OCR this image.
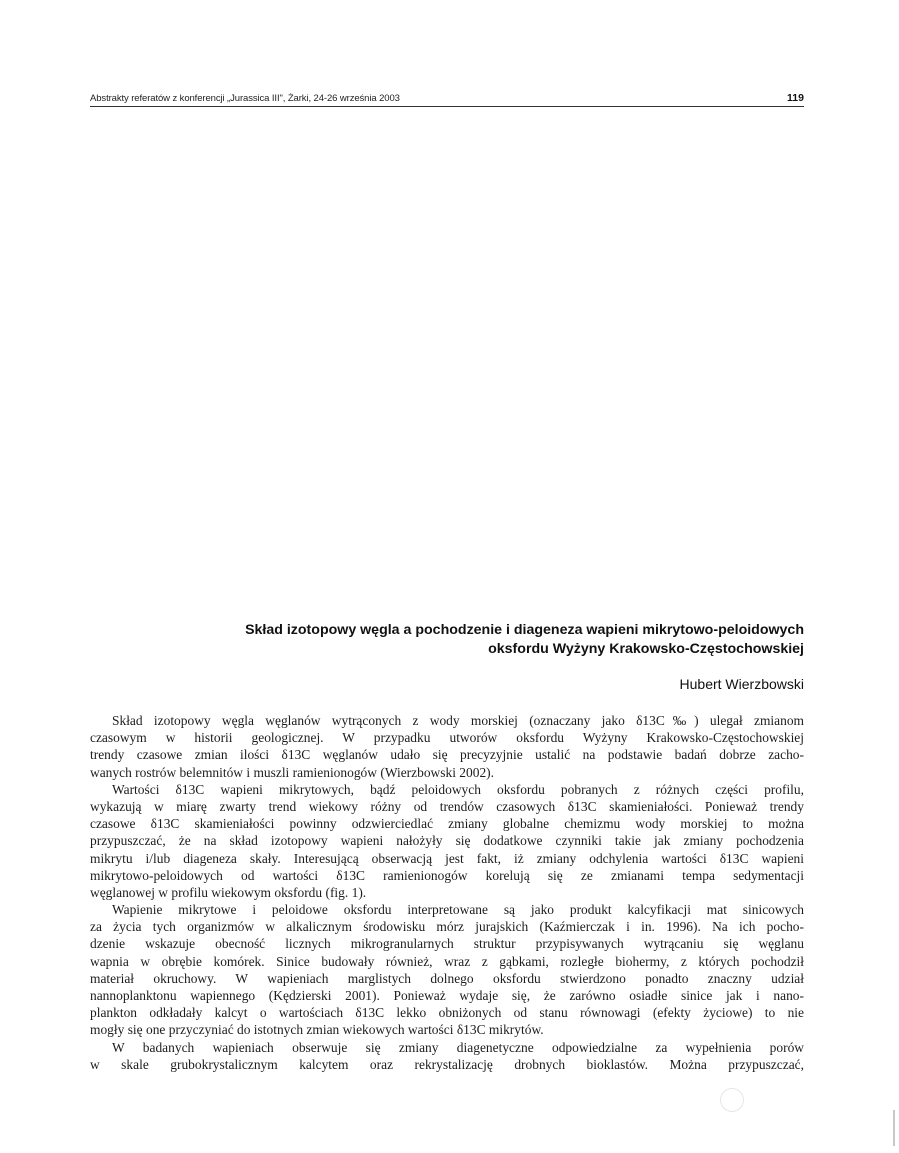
Abstrakty referatów z konferencji „Jurassica III", Żarki, 24-26 września 2003	119
Skład izotopowy węgla a pochodzenie i diageneza wapieni mikrytowo-peloidowych
oksfordu Wyżyny Krakowsko-Częstochowskiej
Hubert Wierzbowski
Skład izotopowy węgla węglanów wytrąconych z wody morskiej (oznaczany jako δ13C‰) ulegał zmianom
czasowym w historii geologicznej. W przypadku utworów oksfordu Wyżyny Krakowsko-Częstochowskiej
trendy czasowe zmian ilości δ13C węglanów udało się precyzyjnie ustalić na podstawie badań dobrze zacho-
wanych rostrów belemnitów i muszli ramienionogów (Wierzbowski 2002).
Wartości δ13C wapieni mikrytowych, bądź peloidowych oksfordu pobranych z różnych części profilu,
wykazują w miarę zwarty trend wiekowy różny od trendów czasowych δ13C skamieniałości. Ponieważ trendy
czasowe δ13C skamieniałości powinny odzwierciedlać zmiany globalne chemizmu wody morskiej to można
przypuszczać, że na skład izotopowy wapieni nałożyły się dodatkowe czynniki takie jak zmiany pochodzenia
mikrytu i/lub diageneza skały. Interesującą obserwacją jest fakt, iż zmiany odchylenia wartości δ13C wapieni
mikrytowo-peloidowych od wartości δ13C ramienionogów korelują się ze zmianami tempa sedymentacji
węglanowej w profilu wiekowym oksfordu (fig. 1).
Wapienie mikrytowe i peloidowe oksfordu interpretowane są jako produkt kalcyfikacji mat sinicowych
za życia tych organizmów w alkalicznym środowisku mórz jurajskich (Kaźmierczak i in. 1996). Na ich pocho-
dzenie wskazuje obecność licznych mikrogranularnych struktur przypisywanych wytrącaniu się węglanu
wapnia w obrębie komórek. Sinice budowały również, wraz z gąbkami, rozległe biohermy, z których pochodził
materiał okruchowy. W wapieniach marglistych dolnego oksfordu stwierdzono ponadto znaczny udział
nannoplanktonu wapiennego (Kędzierski 2001). Ponieważ wydaje się, że zarówno osiadłe sinice jak i nano-
plankton odkładały kalcyt o wartościach δ13C lekko obniżonych od stanu równowagi (efekty życiowe) to nie
mogły się one przyczyniać do istotnych zmian wiekowych wartości δ13C mikrytów.
W badanych wapieniach obserwuje się zmiany diagenetyczne odpowiedzialne za wypełnienia porów
w skale grubokrystalicznym kalcytem oraz rekrystalizację drobnych bioklastów. Można przypuszczać,
